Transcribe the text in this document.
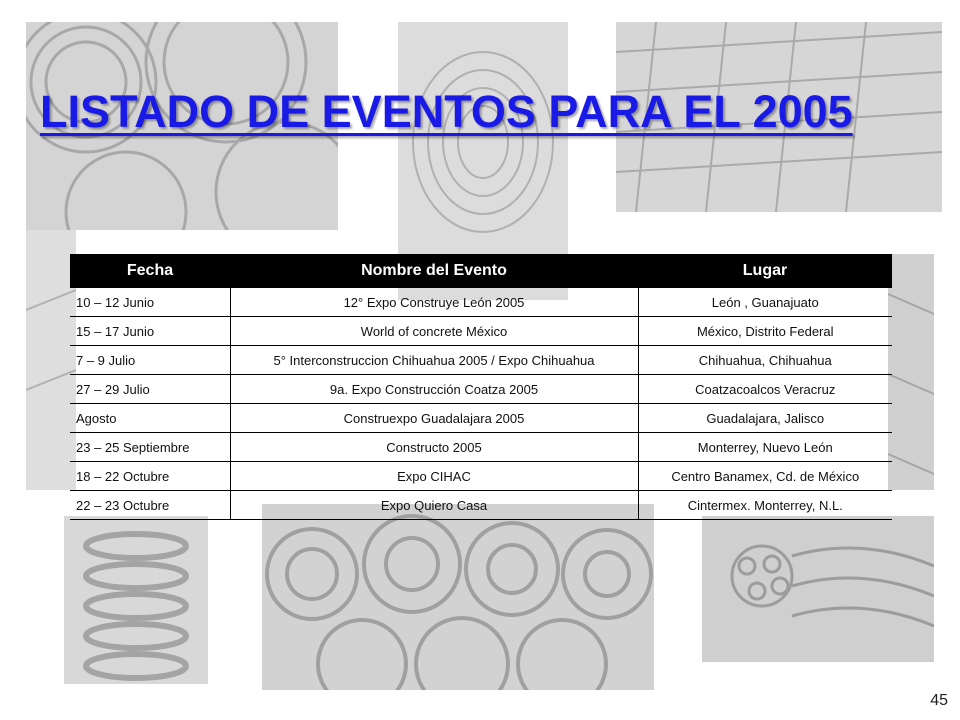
LISTADO DE EVENTOS PARA EL 2005
Fecha	Nombre del Evento	Lugar
10 – 12 Junio	12° Expo Construye León 2005	León , Guanajuato
15 – 17 Junio	World of concrete México	México, Distrito Federal
7 – 9 Julio	5° Interconstruccion Chihuahua 2005 / Expo Chihuahua	Chihuahua, Chihuahua
27 – 29 Julio	9a. Expo Construcción Coatza 2005	Coatzacoalcos Veracruz
Agosto	Construexpo Guadalajara 2005	Guadalajara, Jalisco
23 – 25 Septiembre	Constructo 2005	Monterrey, Nuevo León
18 – 22 Octubre	Expo CIHAC	Centro Banamex, Cd. de México
22 – 23 Octubre	Expo Quiero Casa	Cintermex. Monterrey, N.L.
45
